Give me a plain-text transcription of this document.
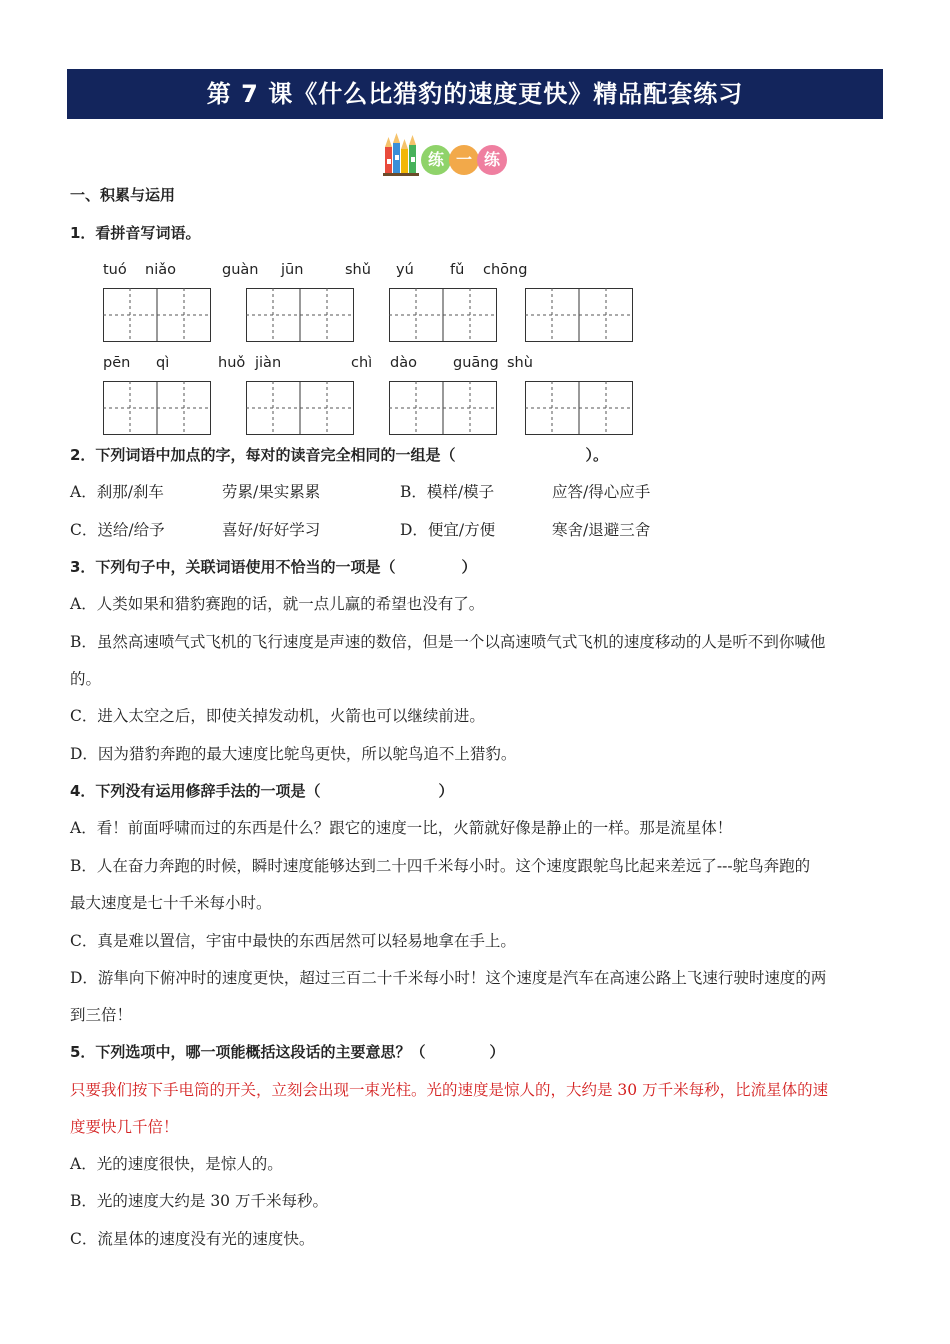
第 7 课《什么比猎豹的速度更快》精品配套练习
练 一 练
一、积累与运用
1．看拼音写词语。
tuó niǎo	guàn jūn	shǔ yú fǔ chōng
pēn qì	huǒ jiàn	chì dào guāng shù
2．下列词语中加点的字，每对的读音完全相同的一组是（	）。
A．刹那/刹车	劳累/果实累累	B．模样/模子	应答/得心应手
C．送给/给予	喜好/好好学习	D．便宜/方便	寒舍/退避三舍
3．下列句子中，关联词语使用不恰当的一项是（	）
A．人类如果和猎豹赛跑的话，就一点儿赢的希望也没有了。
B．虽然高速喷气式飞机的飞行速度是声速的数倍，但是一个以高速喷气式飞机的速度移动的人是听不到你喊他
的。
C．进入太空之后，即使关掉发动机，火箭也可以继续前进。
D．因为猎豹奔跑的最大速度比鸵鸟更快，所以鸵鸟追不上猎豹。
4．下列没有运用修辞手法的一项是（	）
A．看！前面呼啸而过的东西是什么？跟它的速度一比，火箭就好像是静止的一样。那是流星体！
B．人在奋力奔跑的时候，瞬时速度能够达到二十四千米每小时。这个速度跟鸵鸟比起来差远了---鸵鸟奔跑的
最大速度是七十千米每小时。
C．真是难以置信，宇宙中最快的东西居然可以轻易地拿在手上。
D．游隼向下俯冲时的速度更快，超过三百二十千米每小时！这个速度是汽车在高速公路上飞速行驶时速度的两
到三倍！
5．下列选项中，哪一项能概括这段话的主要意思？（	）
只要我们按下手电筒的开关，立刻会出现一束光柱。光的速度是惊人的，大约是 30 万千米每秒，比流星体的速
度要快几千倍！
A．光的速度很快，是惊人的。
B．光的速度大约是 30 万千米每秒。
C．流星体的速度没有光的速度快。
